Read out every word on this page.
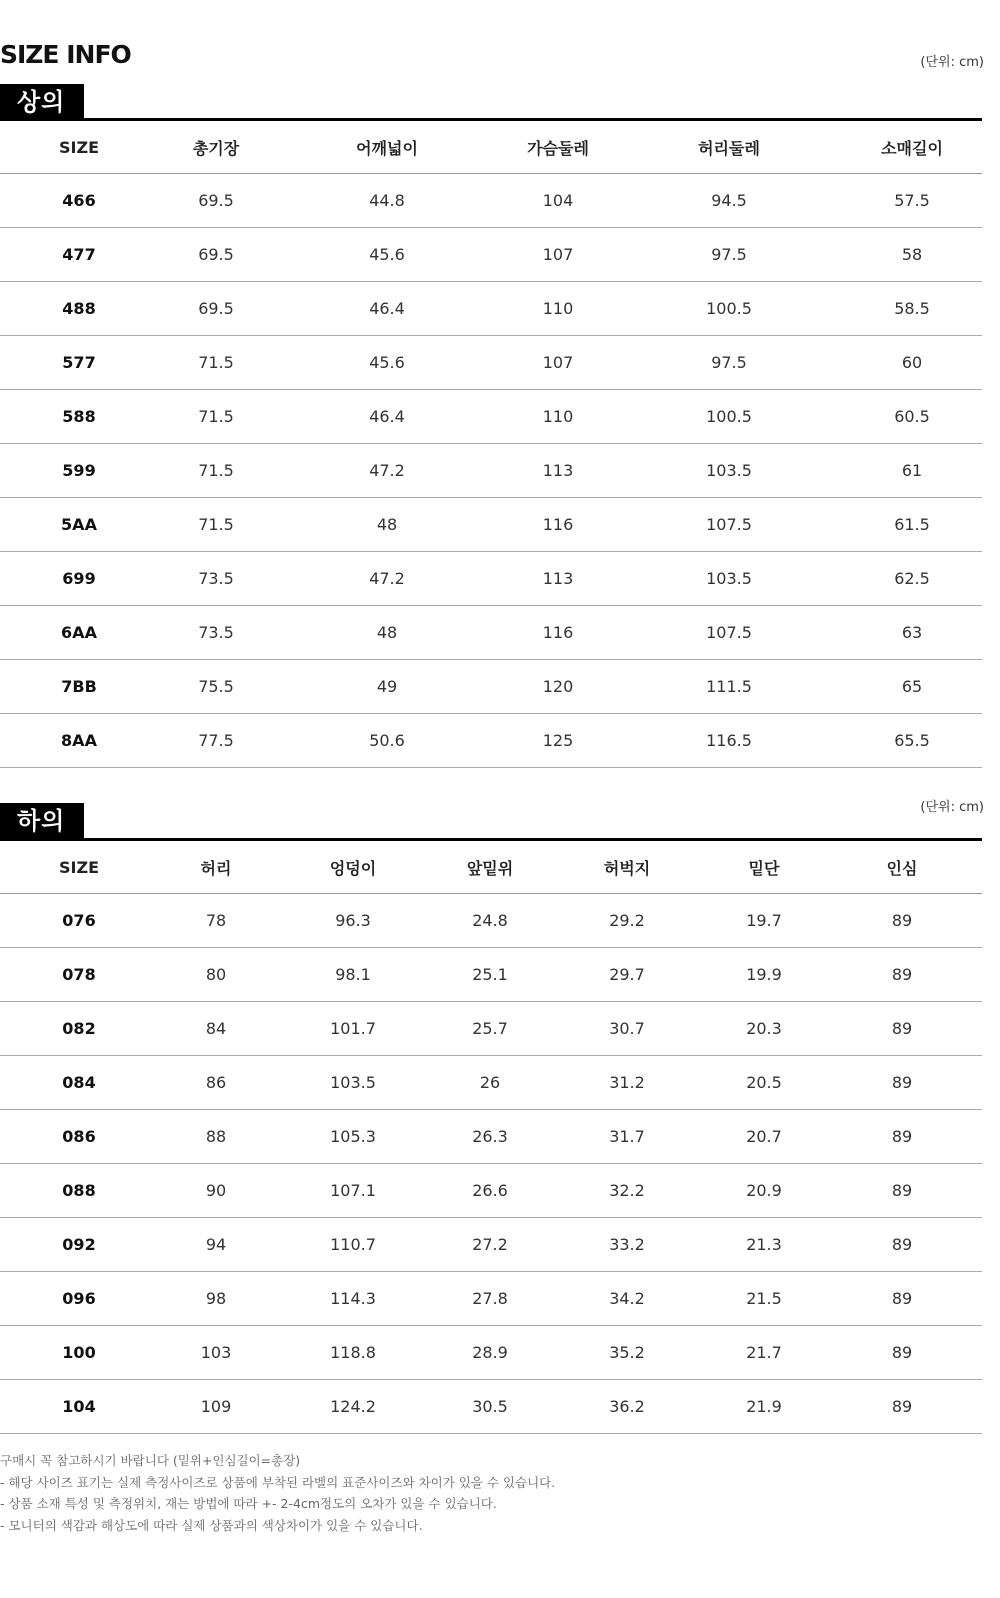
SIZE INFO	(단위: cm)
상의
SIZE	총기장	어깨넓이	가슴둘레	허리둘레	소매길이
466	69.5	44.8	104	94.5	57.5
477	69.5	45.6	107	97.5	58
488	69.5	46.4	110	100.5	58.5
577	71.5	45.6	107	97.5	60
588	71.5	46.4	110	100.5	60.5
599	71.5	47.2	113	103.5	61
5AA	71.5	48	116	107.5	61.5
699	73.5	47.2	113	103.5	62.5
6AA	73.5	48	116	107.5	63
7BB	75.5	49	120	111.5	65
8AA	77.5	50.6	125	116.5	65.5
(단위: cm)
하의
SIZE	허리	엉덩이	앞밑위	허벅지	밑단	인심
076	78	96.3	24.8	29.2	19.7	89
078	80	98.1	25.1	29.7	19.9	89
082	84	101.7	25.7	30.7	20.3	89
084	86	103.5	26	31.2	20.5	89
086	88	105.3	26.3	31.7	20.7	89
088	90	107.1	26.6	32.2	20.9	89
092	94	110.7	27.2	33.2	21.3	89
096	98	114.3	27.8	34.2	21.5	89
100	103	118.8	28.9	35.2	21.7	89
104	109	124.2	30.5	36.2	21.9	89
구매시 꼭 참고하시기 바랍니다 (밑위+인심길이=총장)
- 해당 사이즈 표기는 실제 측정사이즈로 상품에 부착된 라벨의 표준사이즈와 차이가 있을 수 있습니다.
- 상품 소재 특성 및 측정위치, 재는 방법에 따라 +- 2-4cm정도의 오차가 있을 수 있습니다.
- 모니터의 색감과 해상도에 따라 실제 상품과의 색상차이가 있을 수 있습니다.
